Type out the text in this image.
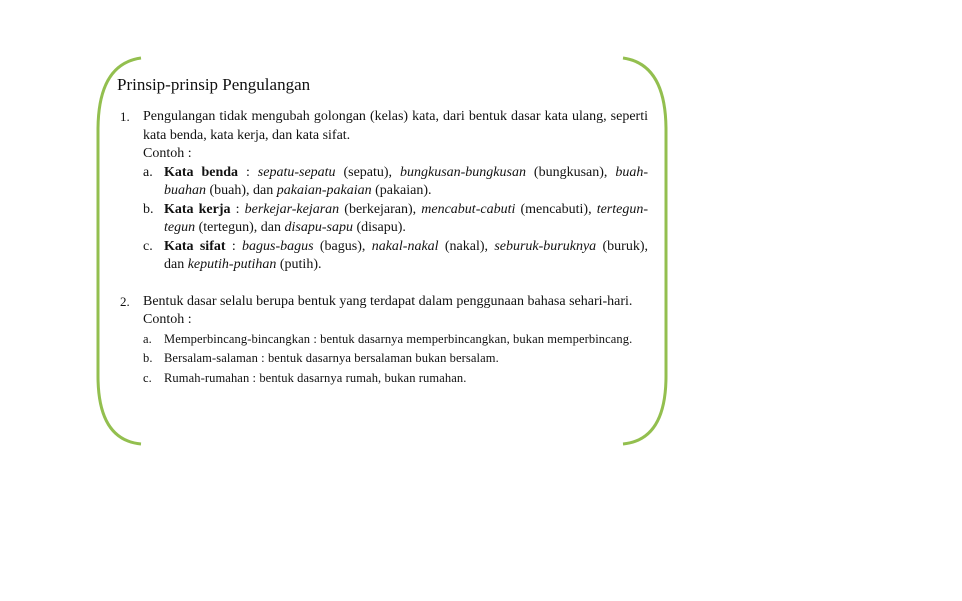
Prinsip-prinsip Pengulangan
1. Pengulangan tidak mengubah golongan (kelas) kata, dari bentuk dasar kata ulang, seperti kata benda, kata kerja, dan kata sifat.
Contoh :
a. Kata benda : sepatu-sepatu (sepatu), bungkusan-bungkusan (bungkusan), buah-buahan (buah), dan pakaian-pakaian (pakaian).
b. Kata kerja : berkejar-kejaran (berkejaran), mencabut-cabuti (mencabuti), tertegun-tegun (tertegun), dan disapu-sapu (disapu).
c. Kata sifat : bagus-bagus (bagus), nakal-nakal (nakal), seburuk-buruknya (buruk), dan keputih-putihan (putih).
2. Bentuk dasar selalu berupa bentuk yang terdapat dalam penggunaan bahasa sehari-hari.
Contoh :
a. Memperbincang-bincangkan : bentuk dasarnya memperbincangkan, bukan memperbincang.
b. Bersalam-salaman : bentuk dasarnya bersalaman bukan bersalam.
c. Rumah-rumahan : bentuk dasarnya rumah, bukan rumahan.
